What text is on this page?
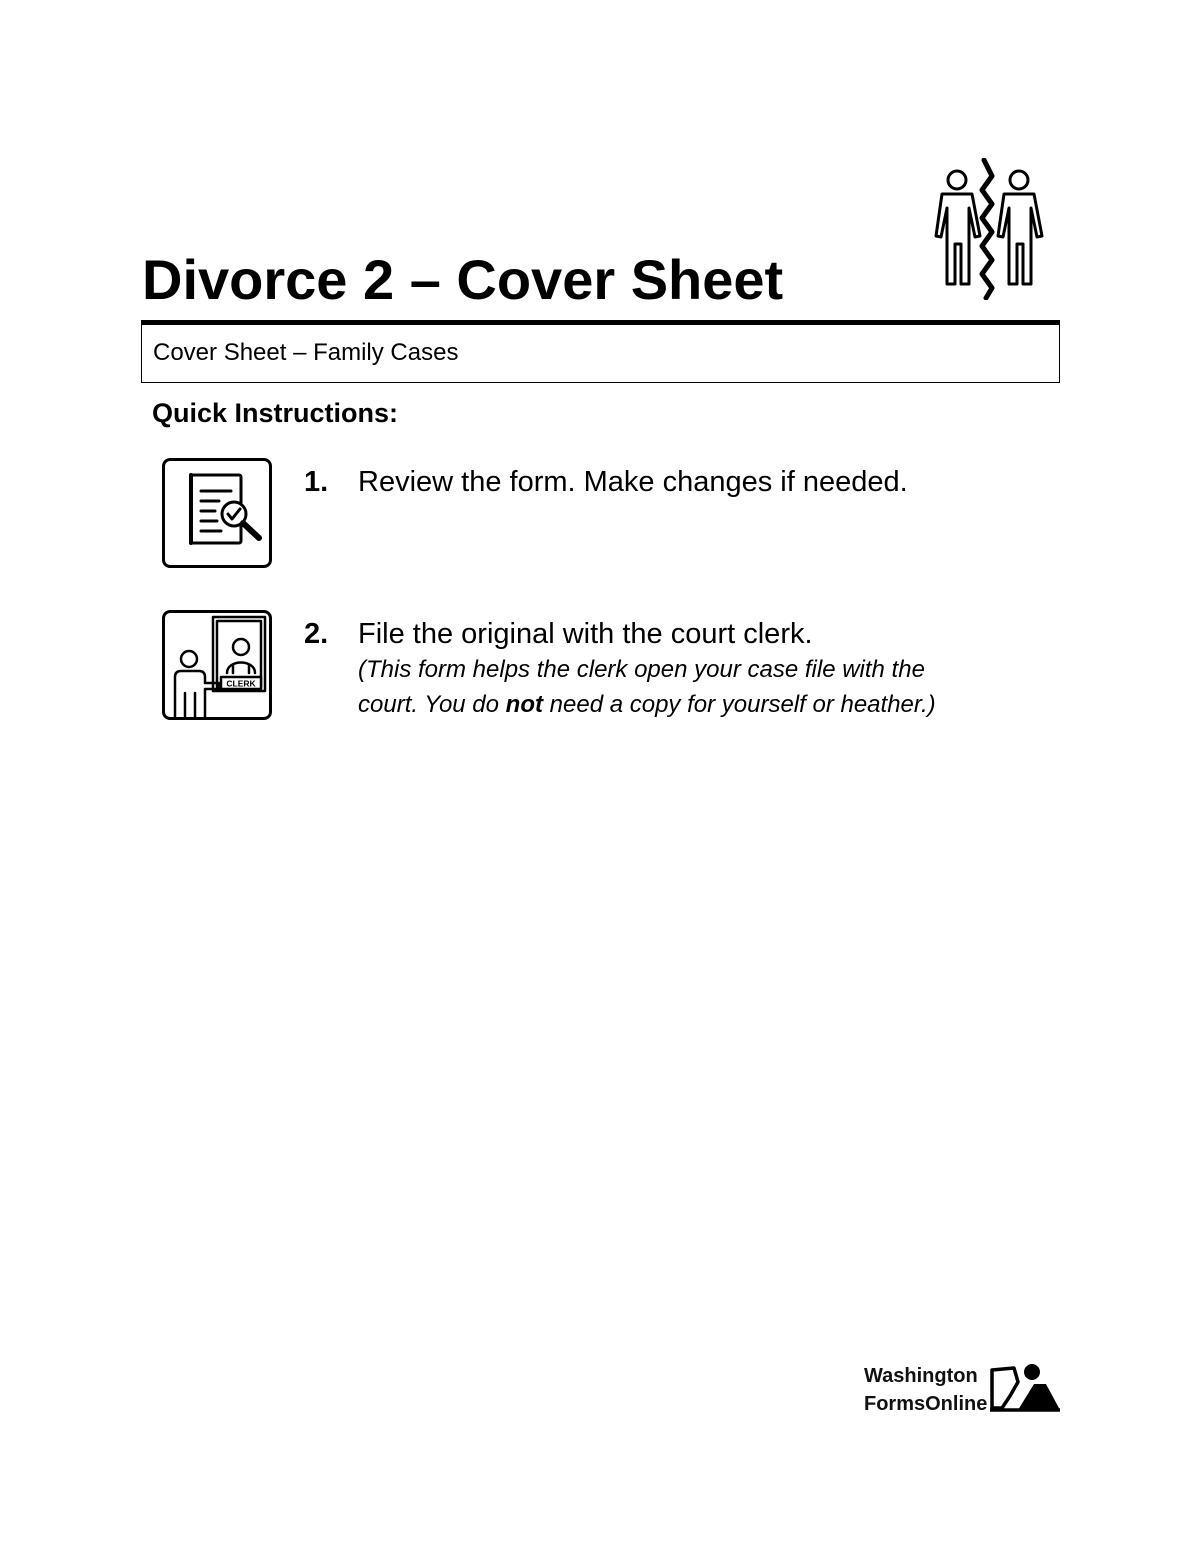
Divorce 2 – Cover Sheet
Cover Sheet – Family Cases
Quick Instructions:
1. Review the form. Make changes if needed.
CLERK
2. File the original with the court clerk.
(This form helps the clerk open your case file with the
court. You do not need a copy for yourself or heather.)
Washington
FormsOnline
